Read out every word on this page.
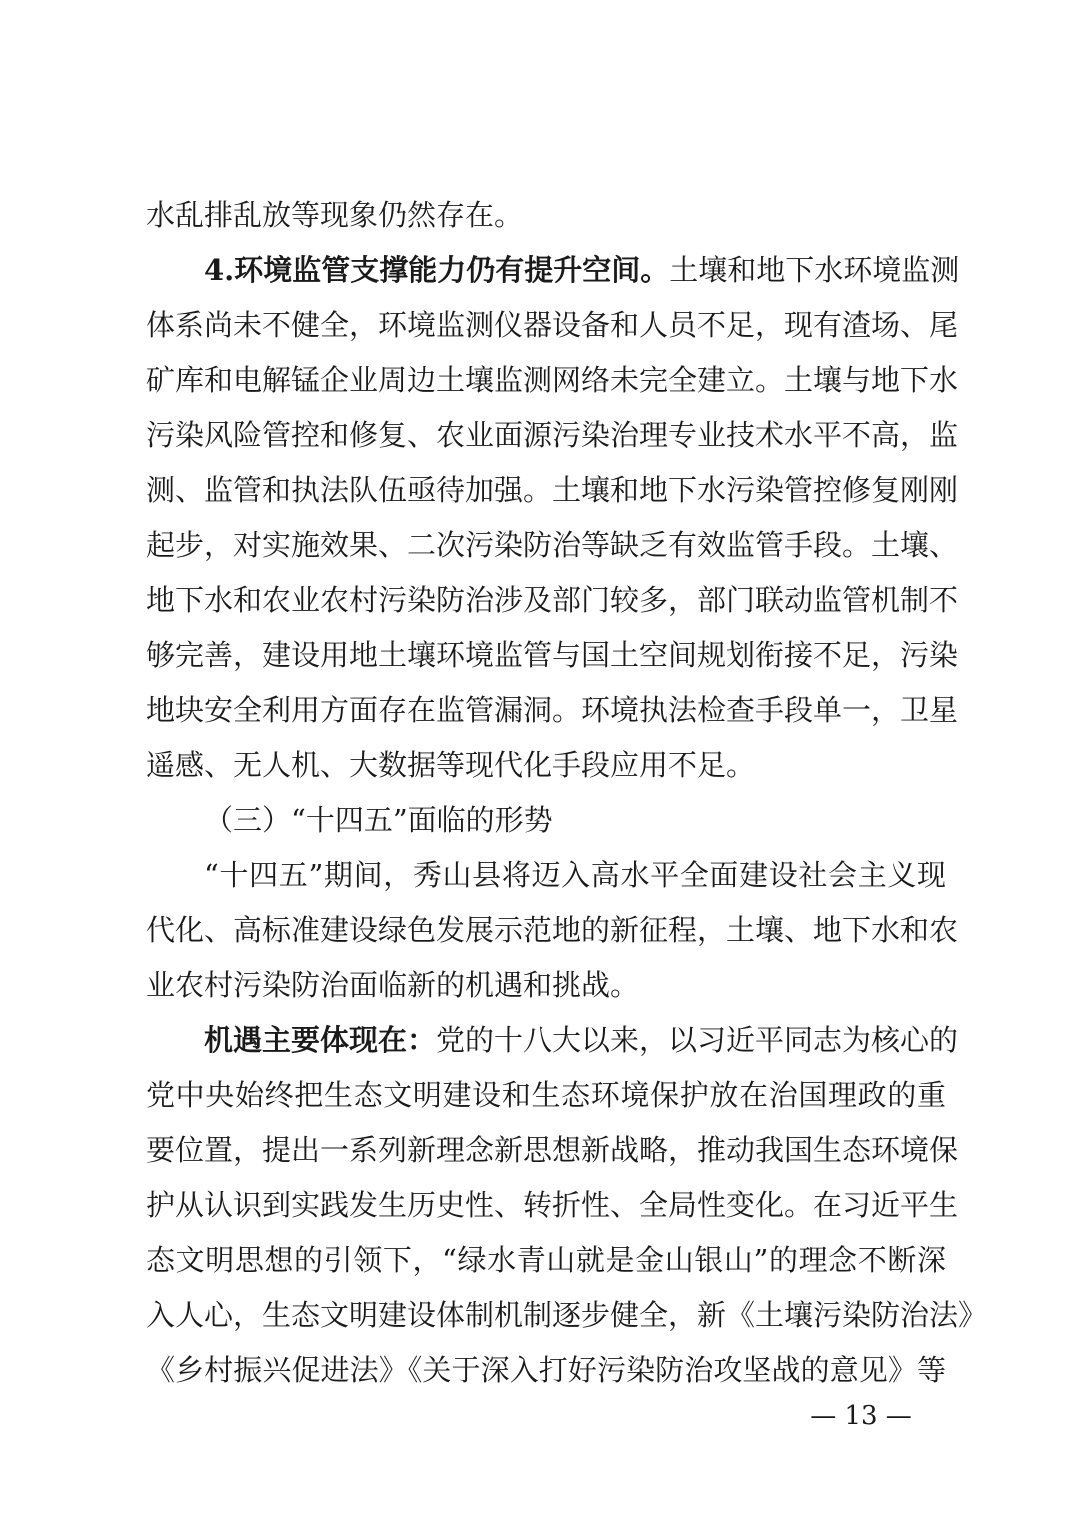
水乱排乱放等现象仍然存在。
4.环境监管支撑能力仍有提升空间。土壤和地下水环境监测
体系尚未不健全，环境监测仪器设备和人员不足，现有渣场、尾
矿库和电解锰企业周边土壤监测网络未完全建立。土壤与地下水
污染风险管控和修复、农业面源污染治理专业技术水平不高，监
测、监管和执法队伍亟待加强。土壤和地下水污染管控修复刚刚
起步，对实施效果、二次污染防治等缺乏有效监管手段。土壤、
地下水和农业农村污染防治涉及部门较多，部门联动监管机制不
够完善，建设用地土壤环境监管与国土空间规划衔接不足，污染
地块安全利用方面存在监管漏洞。环境执法检查手段单一，卫星
遥感、无人机、大数据等现代化手段应用不足。
（三）“十四五”面临的形势
“十四五”期间，秀山县将迈入高水平全面建设社会主义现
代化、高标准建设绿色发展示范地的新征程，土壤、地下水和农
业农村污染防治面临新的机遇和挑战。
机遇主要体现在：党的十八大以来，以习近平同志为核心的
党中央始终把生态文明建设和生态环境保护放在治国理政的重
要位置，提出一系列新理念新思想新战略，推动我国生态环境保
护从认识到实践发生历史性、转折性、全局性变化。在习近平生
态文明思想的引领下，“绿水青山就是金山银山”的理念不断深
入人心，生态文明建设体制机制逐步健全，新《土壤污染防治法》
《乡村振兴促进法》《关于深入打好污染防治攻坚战的意见》等
— 13 —
